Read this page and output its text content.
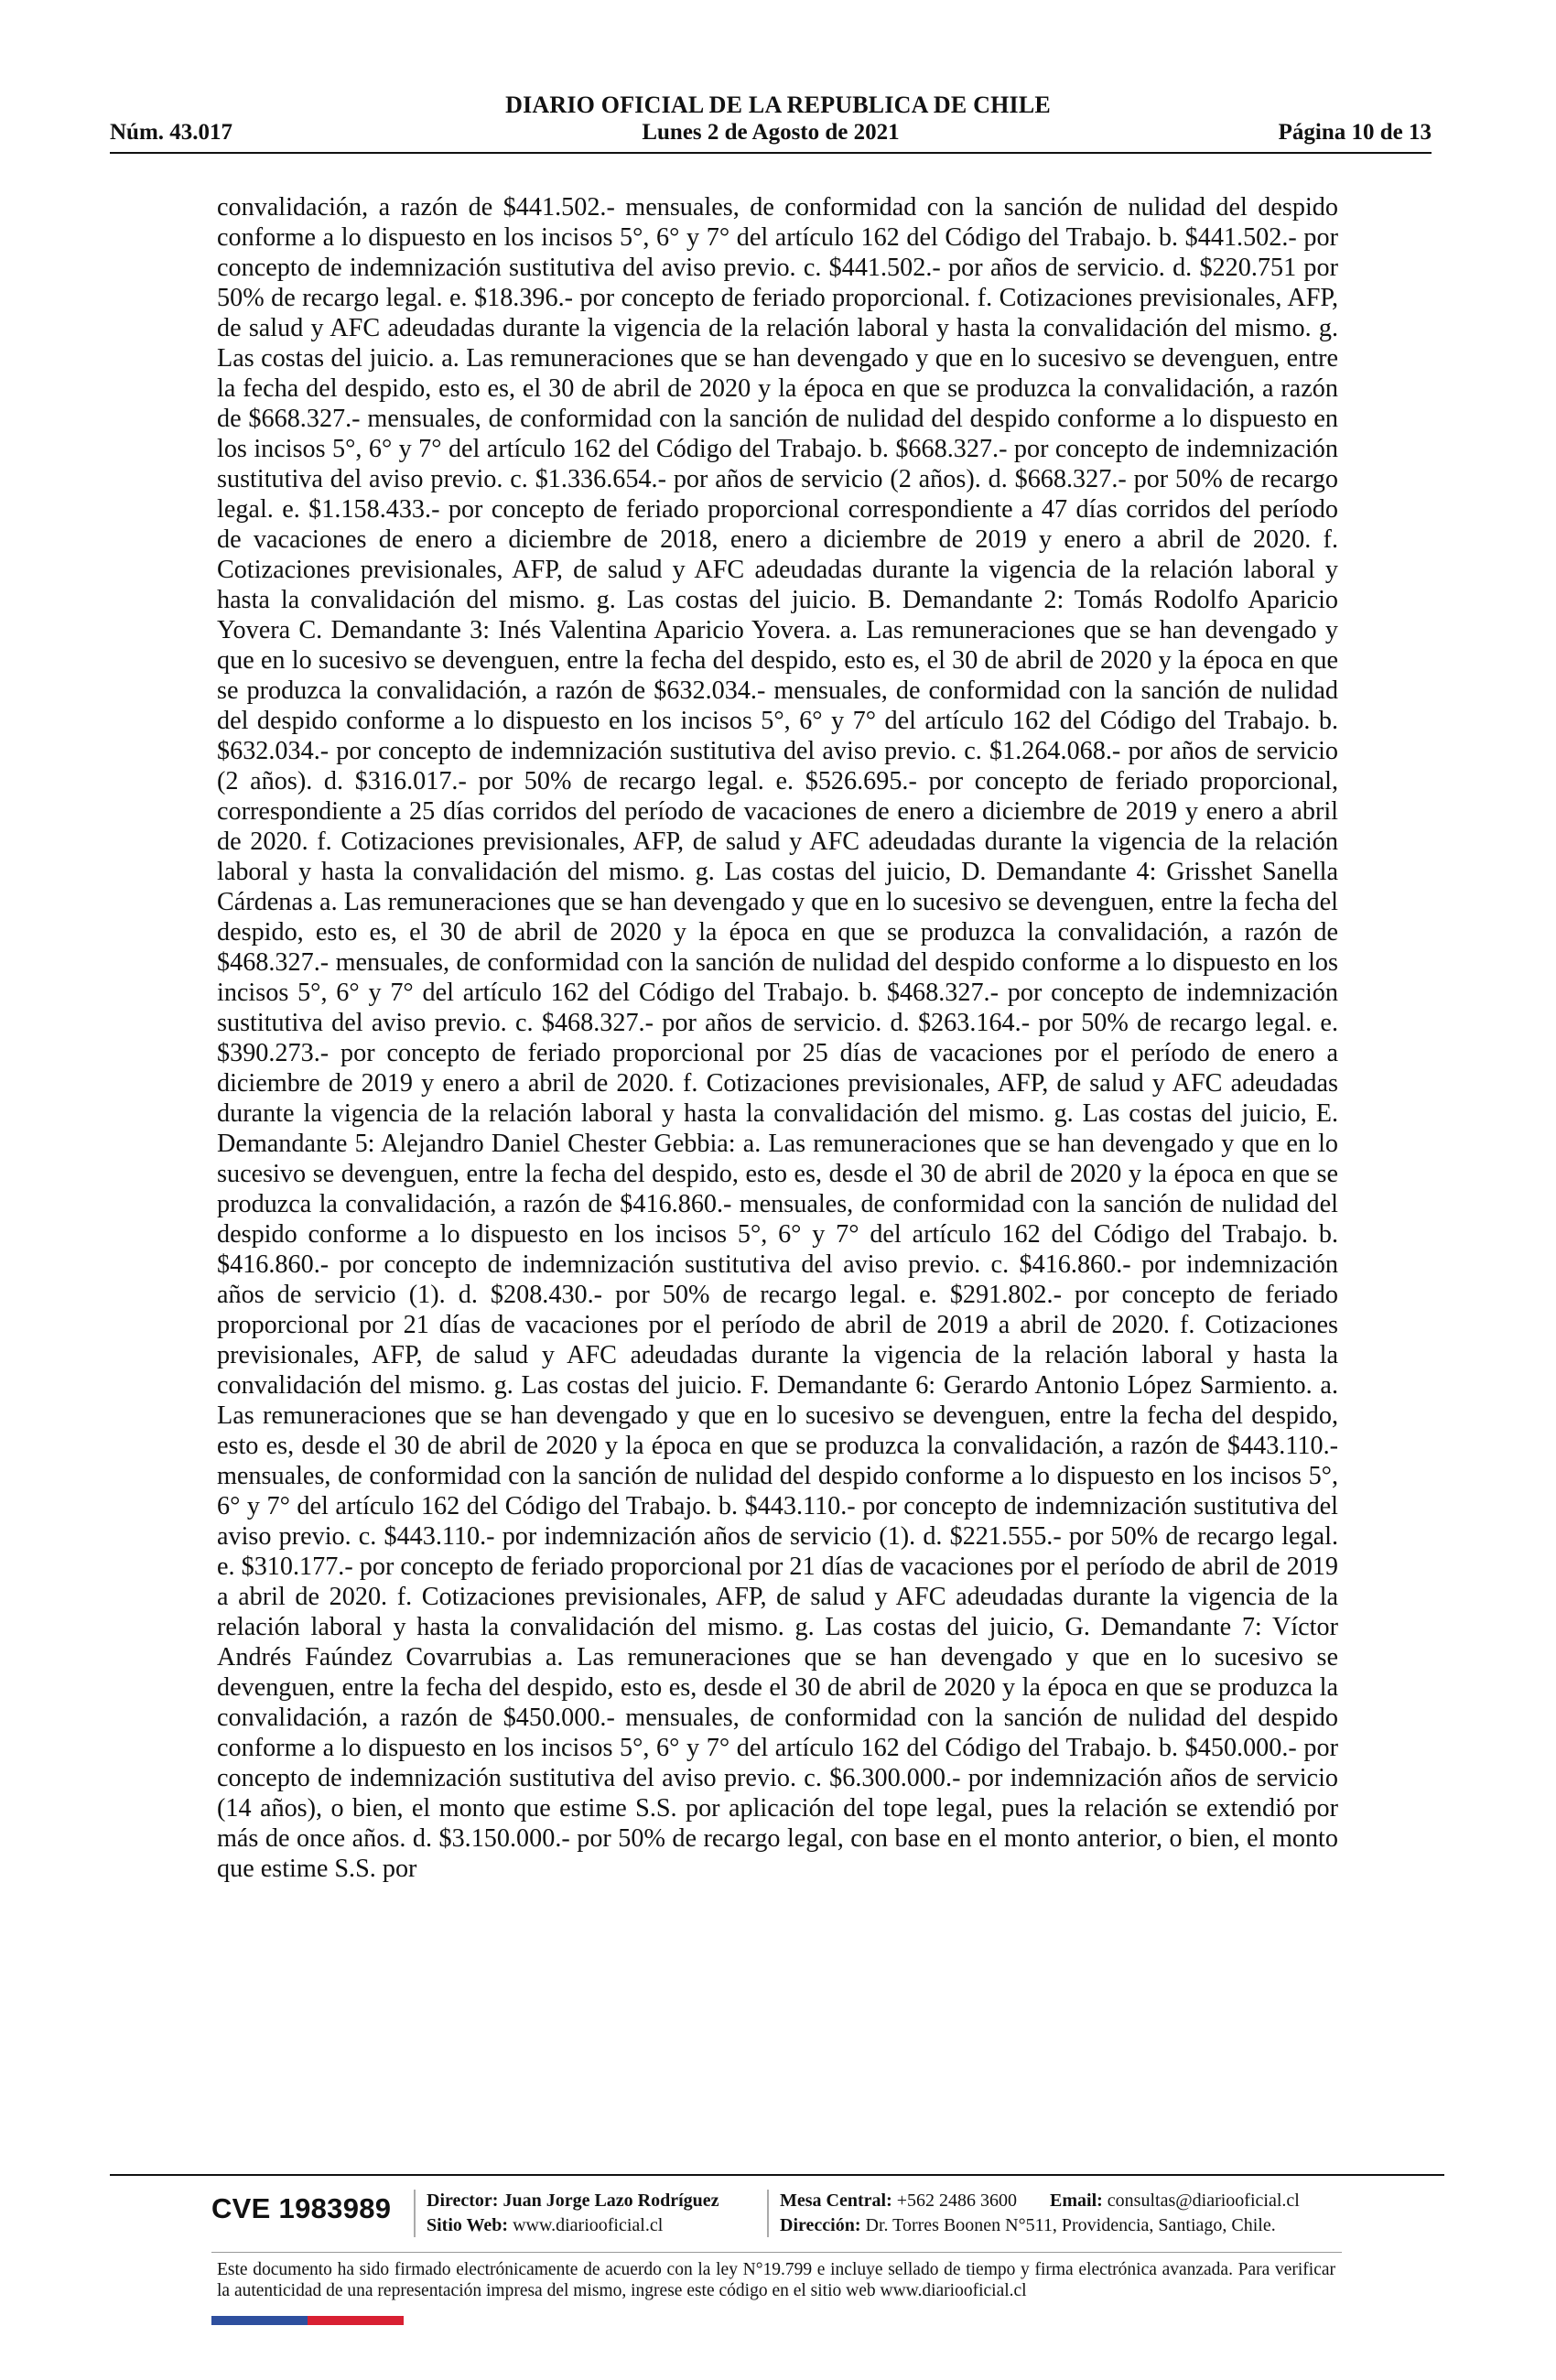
DIARIO OFICIAL DE LA REPUBLICA DE CHILE
Núm. 43.017	Lunes 2 de Agosto de 2021	Página 10 de 13
convalidación, a razón de $441.502.- mensuales, de conformidad con la sanción de nulidad del despido conforme a lo dispuesto en los incisos 5°, 6° y 7° del artículo 162 del Código del Trabajo. b. $441.502.- por concepto de indemnización sustitutiva del aviso previo. c. $441.502.- por años de servicio. d. $220.751 por 50% de recargo legal. e. $18.396.- por concepto de feriado proporcional. f. Cotizaciones previsionales, AFP, de salud y AFC adeudadas durante la vigencia de la relación laboral y hasta la convalidación del mismo. g. Las costas del juicio. a. Las remuneraciones que se han devengado y que en lo sucesivo se devenguen, entre la fecha del despido, esto es, el 30 de abril de 2020 y la época en que se produzca la convalidación, a razón de $668.327.- mensuales, de conformidad con la sanción de nulidad del despido conforme a lo dispuesto en los incisos 5°, 6° y 7° del artículo 162 del Código del Trabajo. b. $668.327.- por concepto de indemnización sustitutiva del aviso previo. c. $1.336.654.- por años de servicio (2 años). d. $668.327.- por 50% de recargo legal. e. $1.158.433.- por concepto de feriado proporcional correspondiente a 47 días corridos del período de vacaciones de enero a diciembre de 2018, enero a diciembre de 2019 y enero a abril de 2020. f. Cotizaciones previsionales, AFP, de salud y AFC adeudadas durante la vigencia de la relación laboral y hasta la convalidación del mismo. g. Las costas del juicio. B. Demandante 2: Tomás Rodolfo Aparicio Yovera C. Demandante 3: Inés Valentina Aparicio Yovera. a. Las remuneraciones que se han devengado y que en lo sucesivo se devenguen, entre la fecha del despido, esto es, el 30 de abril de 2020 y la época en que se produzca la convalidación, a razón de $632.034.- mensuales, de conformidad con la sanción de nulidad del despido conforme a lo dispuesto en los incisos 5°, 6° y 7° del artículo 162 del Código del Trabajo. b. $632.034.- por concepto de indemnización sustitutiva del aviso previo. c. $1.264.068.- por años de servicio (2 años). d. $316.017.- por 50% de recargo legal. e. $526.695.- por concepto de feriado proporcional, correspondiente a 25 días corridos del período de vacaciones de enero a diciembre de 2019 y enero a abril de 2020. f. Cotizaciones previsionales, AFP, de salud y AFC adeudadas durante la vigencia de la relación laboral y hasta la convalidación del mismo. g. Las costas del juicio, D. Demandante 4: Grisshet Sanella Cárdenas a. Las remuneraciones que se han devengado y que en lo sucesivo se devenguen, entre la fecha del despido, esto es, el 30 de abril de 2020 y la época en que se produzca la convalidación, a razón de $468.327.- mensuales, de conformidad con la sanción de nulidad del despido conforme a lo dispuesto en los incisos 5°, 6° y 7° del artículo 162 del Código del Trabajo. b. $468.327.- por concepto de indemnización sustitutiva del aviso previo. c. $468.327.- por años de servicio. d. $263.164.- por 50% de recargo legal. e. $390.273.- por concepto de feriado proporcional por 25 días de vacaciones por el período de enero a diciembre de 2019 y enero a abril de 2020. f. Cotizaciones previsionales, AFP, de salud y AFC adeudadas durante la vigencia de la relación laboral y hasta la convalidación del mismo. g. Las costas del juicio, E. Demandante 5: Alejandro Daniel Chester Gebbia: a. Las remuneraciones que se han devengado y que en lo sucesivo se devenguen, entre la fecha del despido, esto es, desde el 30 de abril de 2020 y la época en que se produzca la convalidación, a razón de $416.860.- mensuales, de conformidad con la sanción de nulidad del despido conforme a lo dispuesto en los incisos 5°, 6° y 7° del artículo 162 del Código del Trabajo. b. $416.860.- por concepto de indemnización sustitutiva del aviso previo. c. $416.860.- por indemnización años de servicio (1). d. $208.430.- por 50% de recargo legal. e. $291.802.- por concepto de feriado proporcional por 21 días de vacaciones por el período de abril de 2019 a abril de 2020. f. Cotizaciones previsionales, AFP, de salud y AFC adeudadas durante la vigencia de la relación laboral y hasta la convalidación del mismo. g. Las costas del juicio. F. Demandante 6: Gerardo Antonio López Sarmiento. a. Las remuneraciones que se han devengado y que en lo sucesivo se devenguen, entre la fecha del despido, esto es, desde el 30 de abril de 2020 y la época en que se produzca la convalidación, a razón de $443.110.- mensuales, de conformidad con la sanción de nulidad del despido conforme a lo dispuesto en los incisos 5°, 6° y 7° del artículo 162 del Código del Trabajo. b. $443.110.- por concepto de indemnización sustitutiva del aviso previo. c. $443.110.- por indemnización años de servicio (1). d. $221.555.- por 50% de recargo legal. e. $310.177.- por concepto de feriado proporcional por 21 días de vacaciones por el período de abril de 2019 a abril de 2020. f. Cotizaciones previsionales, AFP, de salud y AFC adeudadas durante la vigencia de la relación laboral y hasta la convalidación del mismo. g. Las costas del juicio, G. Demandante 7: Víctor Andrés Faúndez Covarrubias a. Las remuneraciones que se han devengado y que en lo sucesivo se devenguen, entre la fecha del despido, esto es, desde el 30 de abril de 2020 y la época en que se produzca la convalidación, a razón de $450.000.- mensuales, de conformidad con la sanción de nulidad del despido conforme a lo dispuesto en los incisos 5°, 6° y 7° del artículo 162 del Código del Trabajo. b. $450.000.- por concepto de indemnización sustitutiva del aviso previo. c. $6.300.000.- por indemnización años de servicio (14 años), o bien, el monto que estime S.S. por aplicación del tope legal, pues la relación se extendió por más de once años. d. $3.150.000.- por 50% de recargo legal, con base en el monto anterior, o bien, el monto que estime S.S. por
CVE 1983989 Director: Juan Jorge Lazo Rodríguez
Sitio Web: www.diariooficial.cl
Mesa Central: +562 2486 3600 Email: consultas@diariooficial.cl
Dirección: Dr. Torres Boonen N°511, Providencia, Santiago, Chile.
Este documento ha sido firmado electrónicamente de acuerdo con la ley N°19.799 e incluye sellado de tiempo y firma electrónica avanzada. Para verificar la autenticidad de una representación impresa del mismo, ingrese este código en el sitio web www.diariooficial.cl
